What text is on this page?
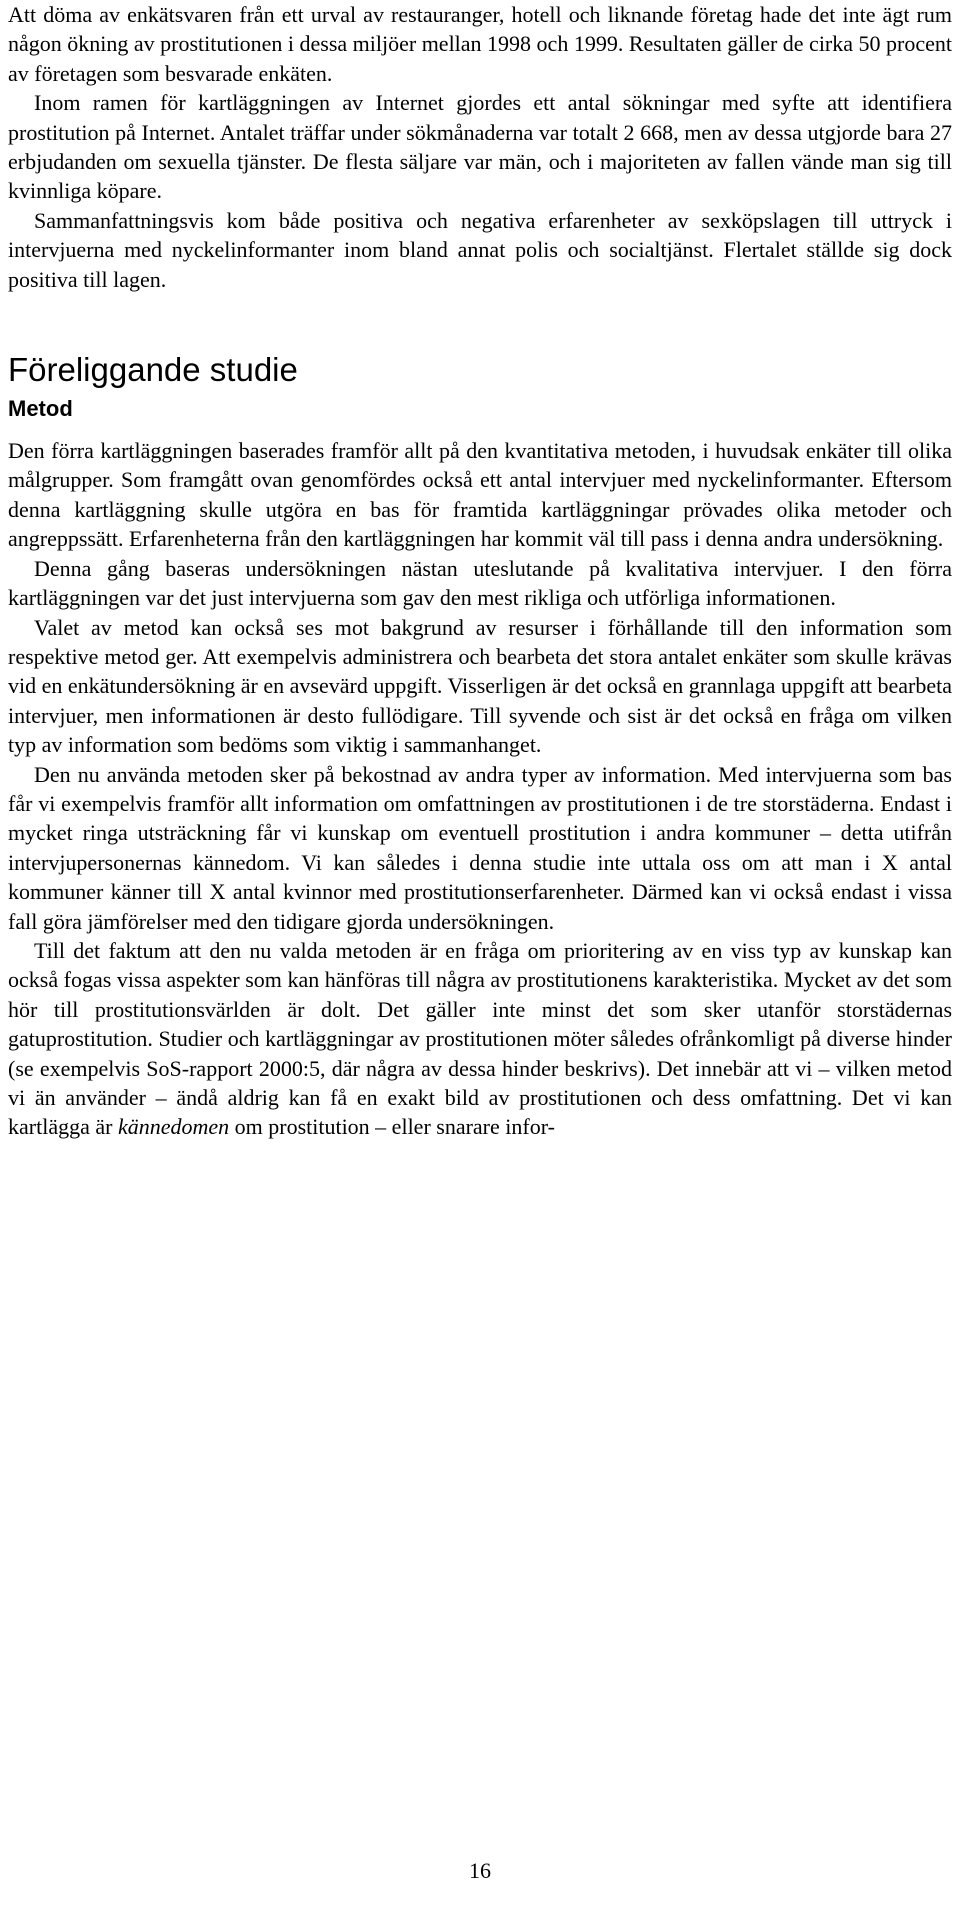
Att döma av enkätsvaren från ett urval av restauranger, hotell och liknande företag hade det inte ägt rum någon ökning av prostitutionen i dessa miljöer mellan 1998 och 1999. Resultaten gäller de cirka 50 procent av företagen som besvarade enkäten.

Inom ramen för kartläggningen av Internet gjordes ett antal sökningar med syfte att identifiera prostitution på Internet. Antalet träffar under sökmånaderna var totalt 2 668, men av dessa utgjorde bara 27 erbjudanden om sexuella tjänster. De flesta säljare var män, och i majoriteten av fallen vände man sig till kvinnliga köpare.

Sammanfattningsvis kom både positiva och negativa erfarenheter av sexköpslagen till uttryck i intervjuerna med nyckelinformanter inom bland annat polis och socialtjänst. Flertalet ställde sig dock positiva till lagen.

Föreliggande studie
Metod

Den förra kartläggningen baserades framför allt på den kvantitativa metoden, i huvudsak enkäter till olika målgrupper. Som framgått ovan genomfördes också ett antal intervjuer med nyckelinformanter. Eftersom denna kartläggning skulle utgöra en bas för framtida kartläggningar prövades olika metoder och angreppssätt. Erfarenheterna från den kartläggningen har kommit väl till pass i denna andra undersökning.

Denna gång baseras undersökningen nästan uteslutande på kvalitativa intervjuer. I den förra kartläggningen var det just intervjuerna som gav den mest rikliga och utförliga informationen.

Valet av metod kan också ses mot bakgrund av resurser i förhållande till den information som respektive metod ger. Att exempelvis administrera och bearbeta det stora antalet enkäter som skulle krävas vid en enkätundersökning är en avsevärd uppgift. Visserligen är det också en grannlaga uppgift att bearbeta intervjuer, men informationen är desto fullödigare. Till syvende och sist är det också en fråga om vilken typ av information som bedöms som viktig i sammanhanget.

Den nu använda metoden sker på bekostnad av andra typer av information. Med intervjuerna som bas får vi exempelvis framför allt information om omfattningen av prostitutionen i de tre storstäderna. Endast i mycket ringa utsträckning får vi kunskap om eventuell prostitution i andra kommuner – detta utifrån intervjupersonernas kännedom. Vi kan således i denna studie inte uttala oss om att man i X antal kommuner känner till X antal kvinnor med prostitutionserfarenheter. Därmed kan vi också endast i vissa fall göra jämförelser med den tidigare gjorda undersökningen.

Till det faktum att den nu valda metoden är en fråga om prioritering av en viss typ av kunskap kan också fogas vissa aspekter som kan hänföras till några av prostitutionens karakteristika. Mycket av det som hör till prostitutionsvärlden är dolt. Det gäller inte minst det som sker utanför storstädernas gatuprostitution. Studier och kartläggningar av prostitutionen möter således ofrånkomligt på diverse hinder (se exempelvis SoS-rapport 2000:5, där några av dessa hinder beskrivs). Det innebär att vi – vilken metod vi än använder – ändå aldrig kan få en exakt bild av prostitutionen och dess omfattning. Det vi kan kartlägga är kännedomen om prostitution – eller snarare infor-

16
